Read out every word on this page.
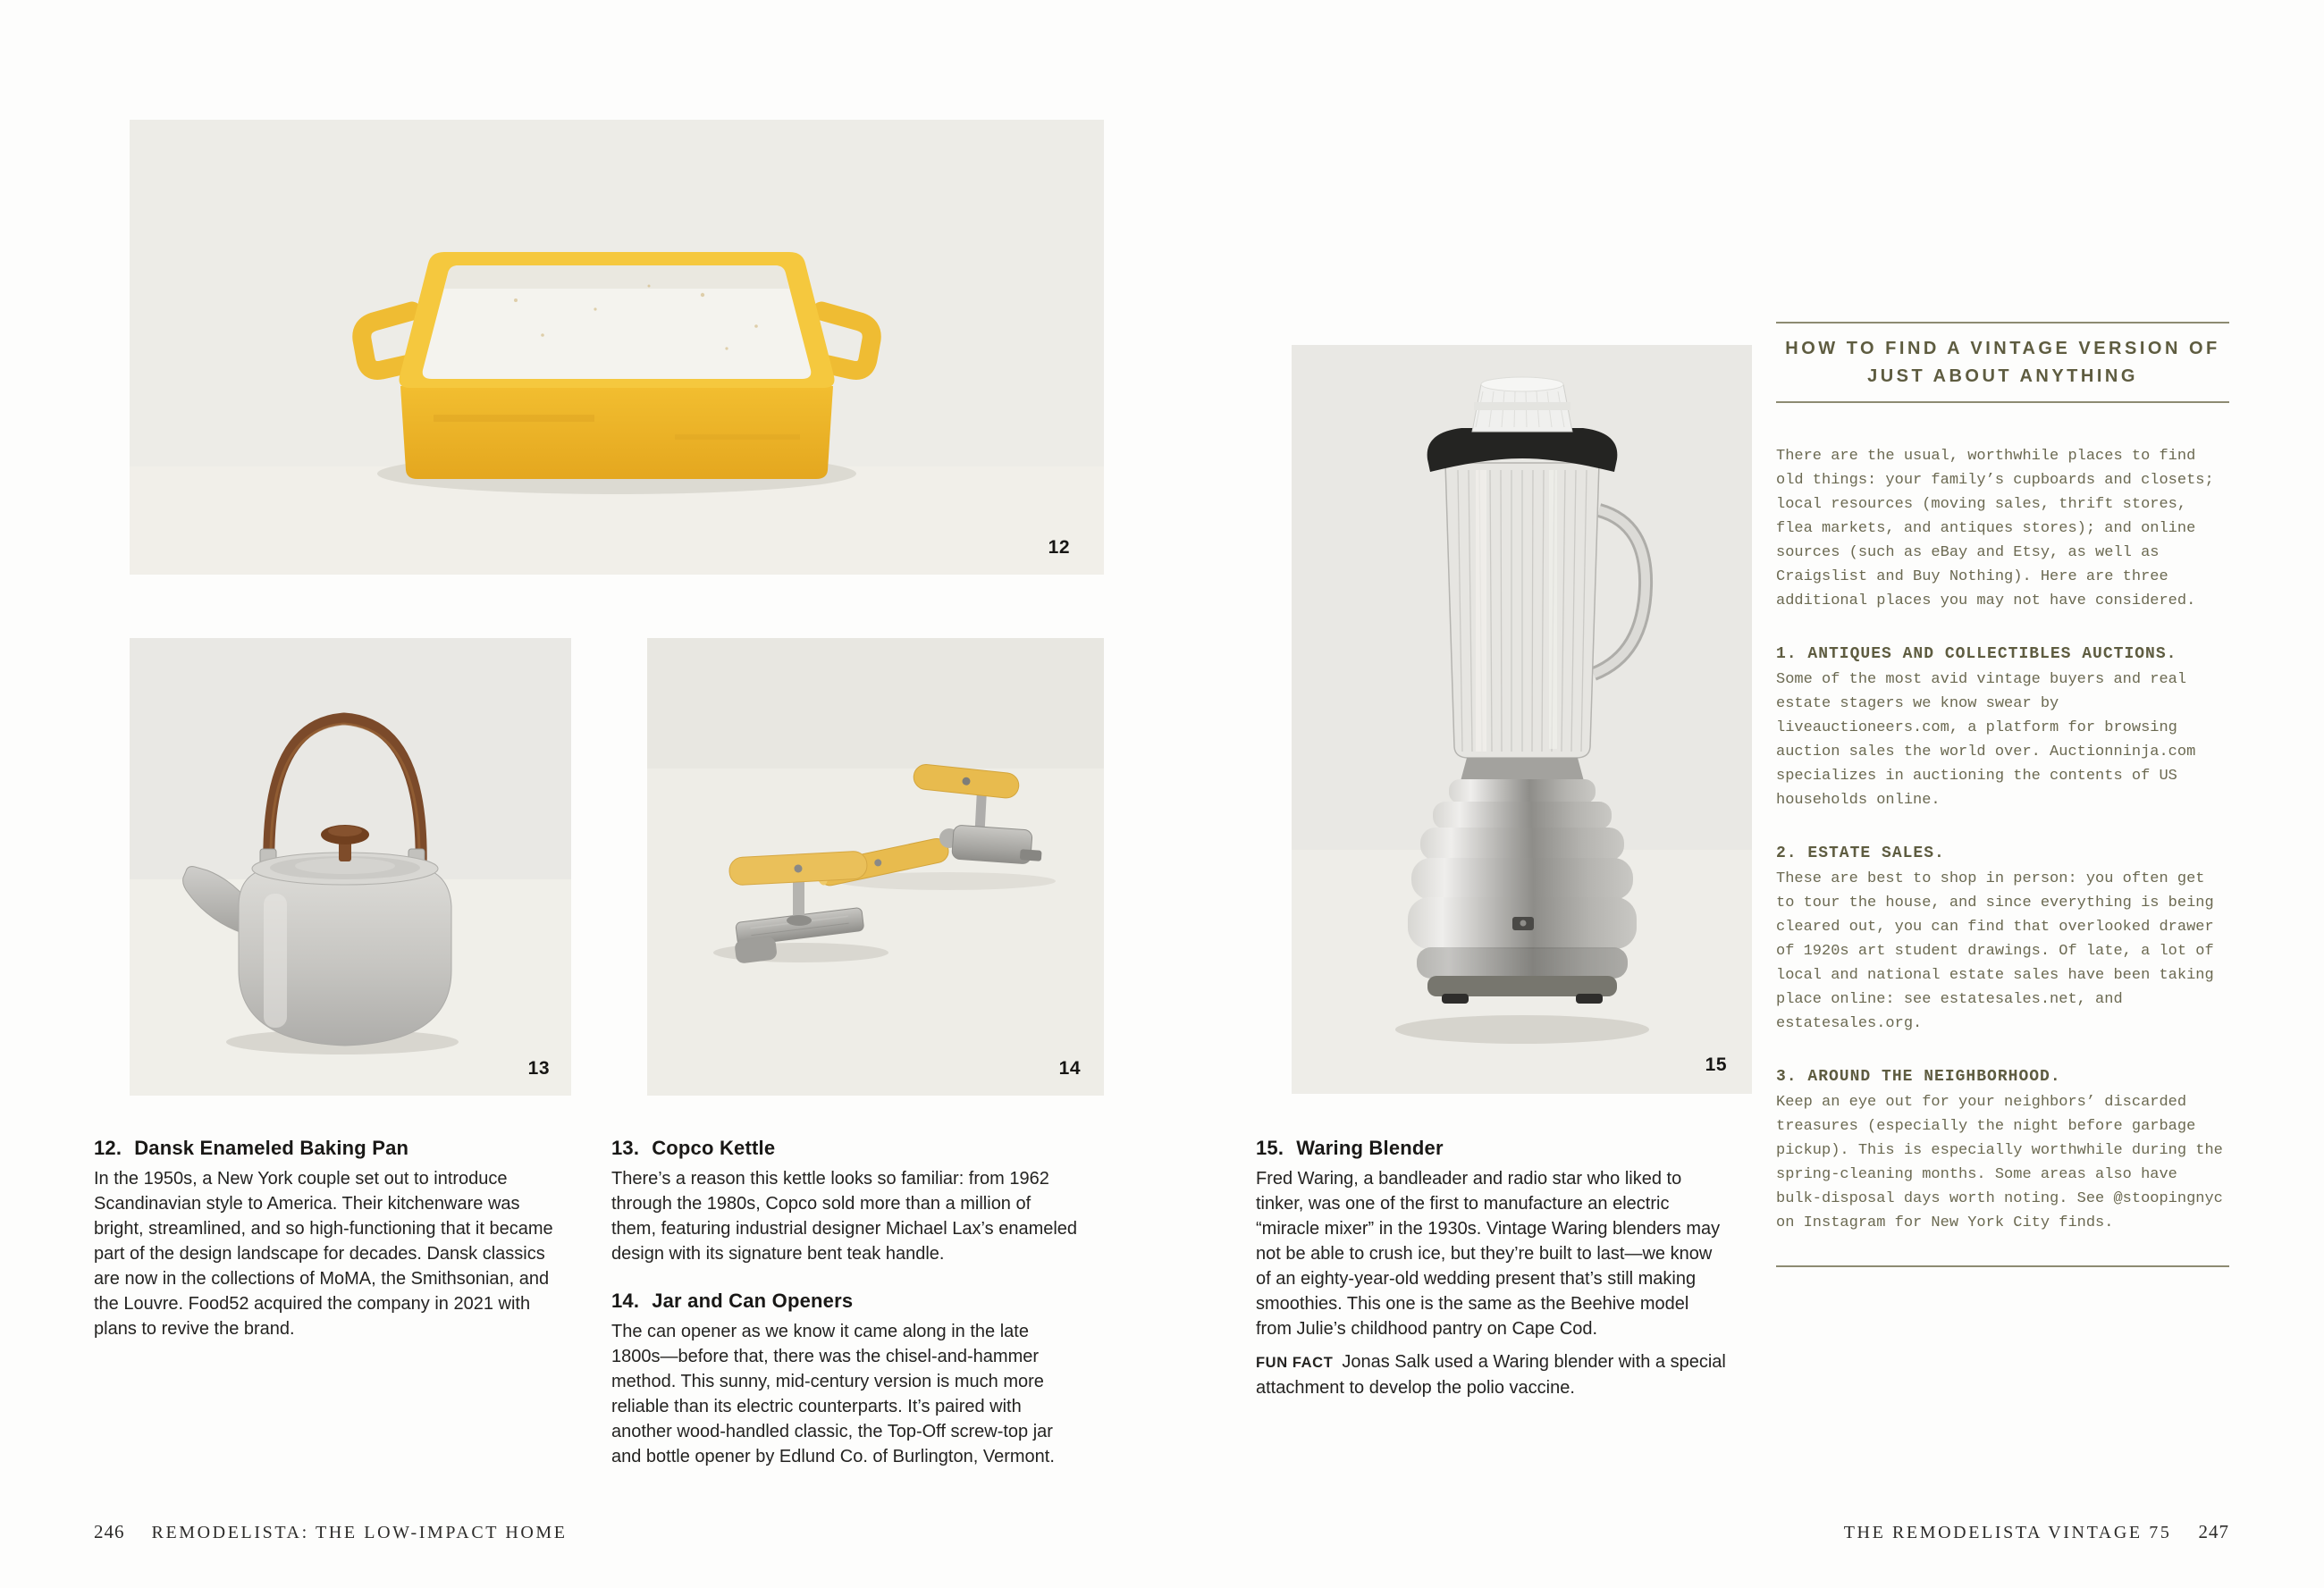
12
13	14	15
12. Dansk Enameled Baking Pan

In the 1950s, a New York couple set out to introduce Scandinavian style to America. Their kitchenware was bright, streamlined, and so high-functioning that it became part of the design landscape for decades. Dansk classics are now in the collections of MoMA, the Smithsonian, and the Louvre. Food52 acquired the company in 2021 with plans to revive the brand.

13. Copco Kettle

There’s a reason this kettle looks so familiar: from 1962 through the 1980s, Copco sold more than a million of them, featuring industrial designer Michael Lax’s enameled design with its signature bent teak handle.

14. Jar and Can Openers

The can opener as we know it came along in the late 1800s—before that, there was the chisel-and-hammer method. This sunny, mid-century version is much more reliable than its electric counterparts. It’s paired with another wood-handled classic, the Top-Off screw-top jar and bottle opener by Edlund Co. of Burlington, Vermont.

15. Waring Blender

Fred Waring, a bandleader and radio star who liked to tinker, was one of the first to manufacture an electric “miracle mixer” in the 1930s. Vintage Waring blenders may not be able to crush ice, but they’re built to last—we know of an eighty-year-old wedding present that’s still making smoothies. This one is the same as the Beehive model from Julie’s childhood pantry on Cape Cod.

FUN FACT Jonas Salk used a Waring blender with a special attachment to develop the polio vaccine.

HOW TO FIND A VINTAGE VERSION OF
JUST ABOUT ANYTHING

There are the usual, worthwhile places to find old things: your family’s cupboards and closets; local resources (moving sales, thrift stores, flea markets, and antiques stores); and online sources (such as eBay and Etsy, as well as Craigslist and Buy Nothing). Here are three additional places you may not have considered.

1. ANTIQUES AND COLLECTIBLES AUCTIONS.

Some of the most avid vintage buyers and real estate stagers we know swear by liveauctioneers.com, a platform for browsing auction sales the world over. Auctionninja.com specializes in auctioning the contents of US households online.

2. ESTATE SALES.

These are best to shop in person: you often get to tour the house, and since everything is being cleared out, you can find that overlooked drawer of 1920s art student drawings. Of late, a lot of local and national estate sales have been taking place online: see estatesales.net, and estatesales.org.

3. AROUND THE NEIGHBORHOOD.

Keep an eye out for your neighbors’ discarded treasures (especially the night before garbage pickup). This is especially worthwhile during the spring-cleaning months. Some areas also have bulk-disposal days worth noting. See @stoopingnyc on Instagram for New York City finds.

246 REMODELISTA: THE LOW-IMPACT HOME	THE REMODELISTA VINTAGE 75 247
